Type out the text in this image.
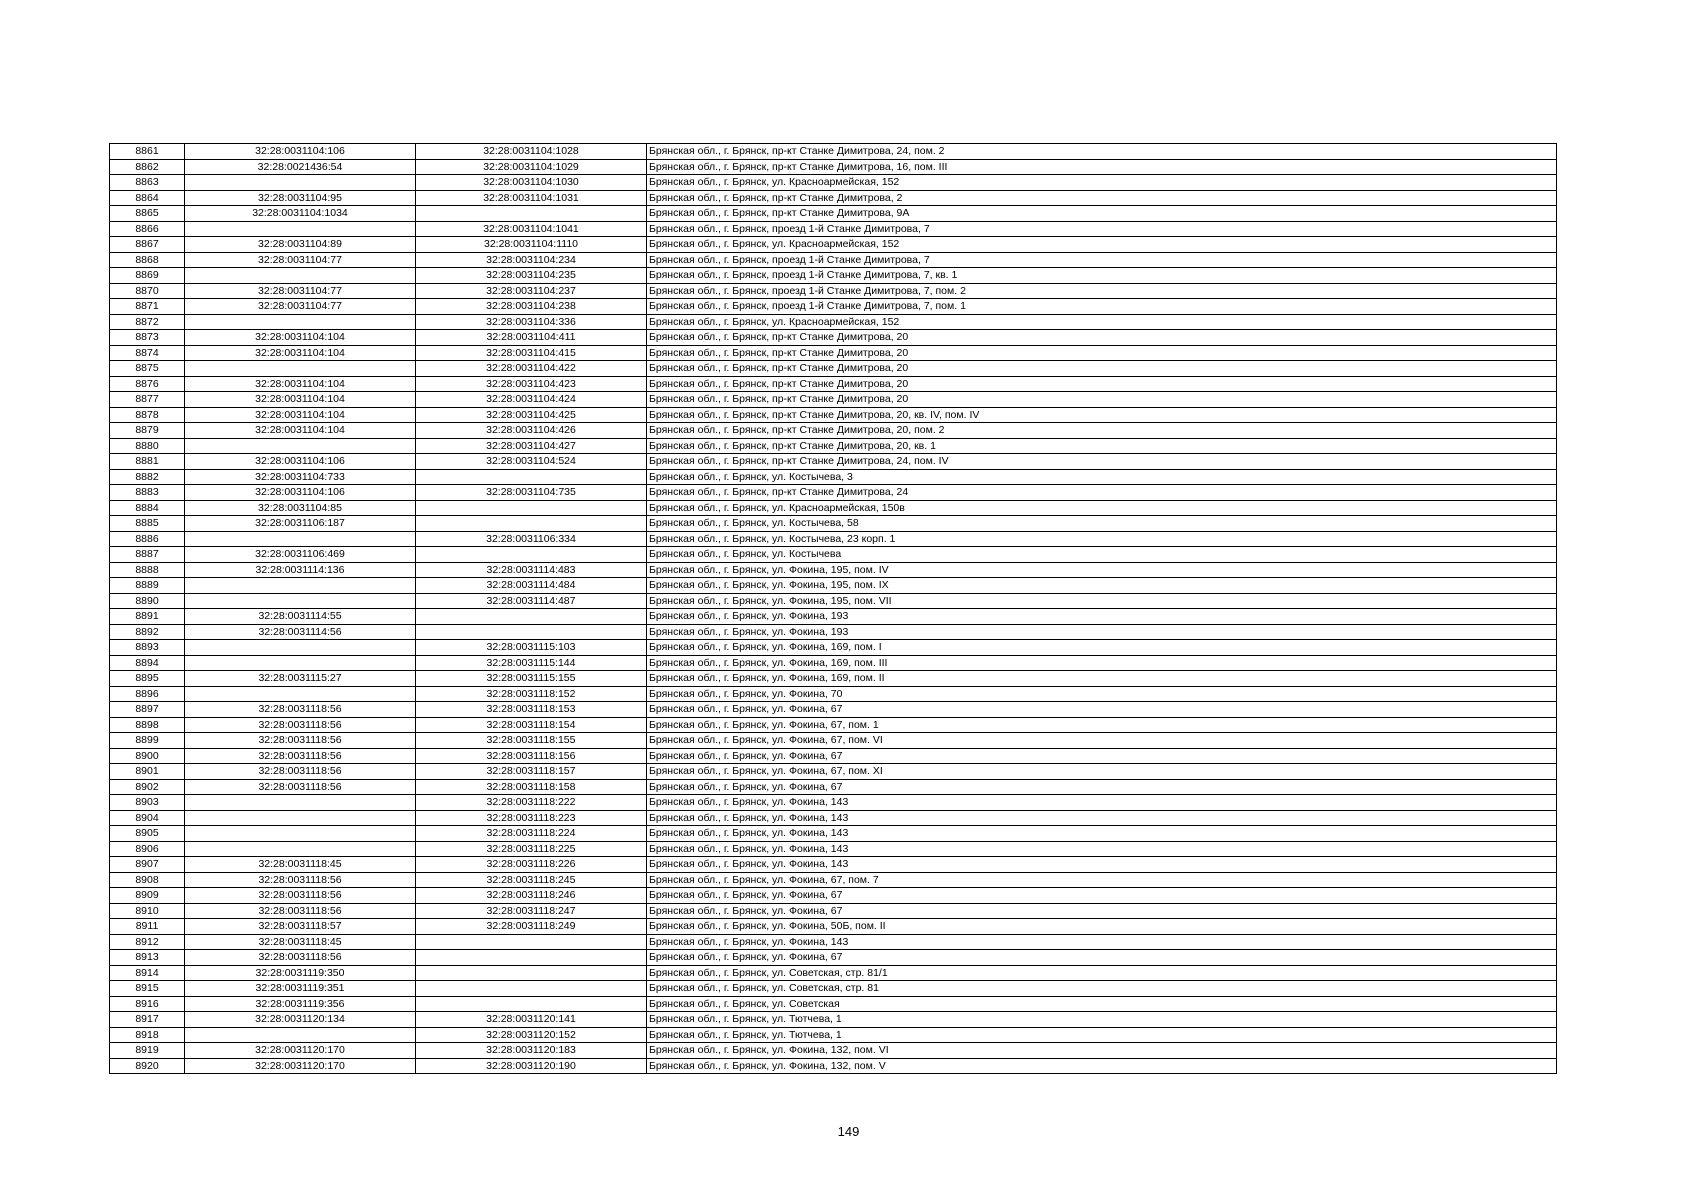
8861	32:28:0031104:106	32:28:0031104:1028	Брянская обл., г. Брянск, пр-кт Станке Димитрова, 24, пом. 2
8862	32:28:0021436:54	32:28:0031104:1029	Брянская обл., г. Брянск, пр-кт Станке Димитрова, 16, пом. III
8863		32:28:0031104:1030	Брянская обл., г. Брянск, ул. Красноармейская, 152
8864	32:28:0031104:95	32:28:0031104:1031	Брянская обл., г. Брянск, пр-кт Станке Димитрова, 2
8865	32:28:0031104:1034		Брянская обл., г. Брянск, пр-кт Станке Димитрова, 9А
8866		32:28:0031104:1041	Брянская обл., г. Брянск, проезд 1-й Станке Димитрова, 7
8867	32:28:0031104:89	32:28:0031104:1110	Брянская обл., г. Брянск, ул. Красноармейская, 152
8868	32:28:0031104:77	32:28:0031104:234	Брянская обл., г. Брянск, проезд 1-й Станке Димитрова, 7
8869		32:28:0031104:235	Брянская обл., г. Брянск, проезд 1-й Станке Димитрова, 7, кв. 1
8870	32:28:0031104:77	32:28:0031104:237	Брянская обл., г. Брянск, проезд 1-й Станке Димитрова, 7, пом. 2
8871	32:28:0031104:77	32:28:0031104:238	Брянская обл., г. Брянск, проезд 1-й Станке Димитрова, 7, пом. 1
8872		32:28:0031104:336	Брянская обл., г. Брянск, ул. Красноармейская, 152
8873	32:28:0031104:104	32:28:0031104:411	Брянская обл., г. Брянск, пр-кт Станке Димитрова, 20
8874	32:28:0031104:104	32:28:0031104:415	Брянская обл., г. Брянск, пр-кт Станке Димитрова, 20
8875		32:28:0031104:422	Брянская обл., г. Брянск, пр-кт Станке Димитрова, 20
8876	32:28:0031104:104	32:28:0031104:423	Брянская обл., г. Брянск, пр-кт Станке Димитрова, 20
8877	32:28:0031104:104	32:28:0031104:424	Брянская обл., г. Брянск, пр-кт Станке Димитрова, 20
8878	32:28:0031104:104	32:28:0031104:425	Брянская обл., г. Брянск, пр-кт Станке Димитрова, 20, кв. IV, пом. IV
8879	32:28:0031104:104	32:28:0031104:426	Брянская обл., г. Брянск, пр-кт Станке Димитрова, 20, пом. 2
8880		32:28:0031104:427	Брянская обл., г. Брянск, пр-кт Станке Димитрова, 20, кв. 1
8881	32:28:0031104:106	32:28:0031104:524	Брянская обл., г. Брянск, пр-кт Станке Димитрова, 24, пом. IV
8882	32:28:0031104:733		Брянская обл., г. Брянск, ул. Костычева, 3
8883	32:28:0031104:106	32:28:0031104:735	Брянская обл., г. Брянск, пр-кт Станке Димитрова, 24
8884	32:28:0031104:85		Брянская обл., г. Брянск, ул. Красноармейская, 150в
8885	32:28:0031106:187		Брянская обл., г. Брянск, ул. Костычева, 58
8886		32:28:0031106:334	Брянская обл., г. Брянск, ул. Костычева, 23 корп. 1
8887	32:28:0031106:469		Брянская обл., г. Брянск, ул. Костычева
8888	32:28:0031114:136	32:28:0031114:483	Брянская обл., г. Брянск, ул. Фокина, 195, пом. IV
8889		32:28:0031114:484	Брянская обл., г. Брянск, ул. Фокина, 195, пом. IX
8890		32:28:0031114:487	Брянская обл., г. Брянск, ул. Фокина, 195, пом. VII
8891	32:28:0031114:55		Брянская обл., г. Брянск, ул. Фокина, 193
8892	32:28:0031114:56		Брянская обл., г. Брянск, ул. Фокина, 193
8893		32:28:0031115:103	Брянская обл., г. Брянск, ул. Фокина, 169, пом. I
8894		32:28:0031115:144	Брянская обл., г. Брянск, ул. Фокина, 169, пом. III
8895	32:28:0031115:27	32:28:0031115:155	Брянская обл., г. Брянск, ул. Фокина, 169, пом. II
8896		32:28:0031118:152	Брянская обл., г. Брянск, ул. Фокина, 70
8897	32:28:0031118:56	32:28:0031118:153	Брянская обл., г. Брянск, ул. Фокина, 67
8898	32:28:0031118:56	32:28:0031118:154	Брянская обл., г. Брянск, ул. Фокина, 67, пом. 1
8899	32:28:0031118:56	32:28:0031118:155	Брянская обл., г. Брянск, ул. Фокина, 67, пом. VI
8900	32:28:0031118:56	32:28:0031118:156	Брянская обл., г. Брянск, ул. Фокина, 67
8901	32:28:0031118:56	32:28:0031118:157	Брянская обл., г. Брянск, ул. Фокина, 67, пом. XI
8902	32:28:0031118:56	32:28:0031118:158	Брянская обл., г. Брянск, ул. Фокина, 67
8903		32:28:0031118:222	Брянская обл., г. Брянск, ул. Фокина, 143
8904		32:28:0031118:223	Брянская обл., г. Брянск, ул. Фокина, 143
8905		32:28:0031118:224	Брянская обл., г. Брянск, ул. Фокина, 143
8906		32:28:0031118:225	Брянская обл., г. Брянск, ул. Фокина, 143
8907	32:28:0031118:45	32:28:0031118:226	Брянская обл., г. Брянск, ул. Фокина, 143
8908	32:28:0031118:56	32:28:0031118:245	Брянская обл., г. Брянск, ул. Фокина, 67, пом. 7
8909	32:28:0031118:56	32:28:0031118:246	Брянская обл., г. Брянск, ул. Фокина, 67
8910	32:28:0031118:56	32:28:0031118:247	Брянская обл., г. Брянск, ул. Фокина, 67
8911	32:28:0031118:57	32:28:0031118:249	Брянская обл., г. Брянск, ул. Фокина, 50Б, пом. II
8912	32:28:0031118:45		Брянская обл., г. Брянск, ул. Фокина, 143
8913	32:28:0031118:56		Брянская обл., г. Брянск, ул. Фокина, 67
8914	32:28:0031119:350		Брянская обл., г. Брянск, ул. Советская, стр. 81/1
8915	32:28:0031119:351		Брянская обл., г. Брянск, ул. Советская, стр. 81
8916	32:28:0031119:356		Брянская обл., г. Брянск, ул. Советская
8917	32:28:0031120:134	32:28:0031120:141	Брянская обл., г. Брянск, ул. Тютчева, 1
8918		32:28:0031120:152	Брянская обл., г. Брянск, ул. Тютчева, 1
8919	32:28:0031120:170	32:28:0031120:183	Брянская обл., г. Брянск, ул. Фокина, 132, пом. VI
8920	32:28:0031120:170	32:28:0031120:190	Брянская обл., г. Брянск, ул. Фокина, 132, пом. V
149
